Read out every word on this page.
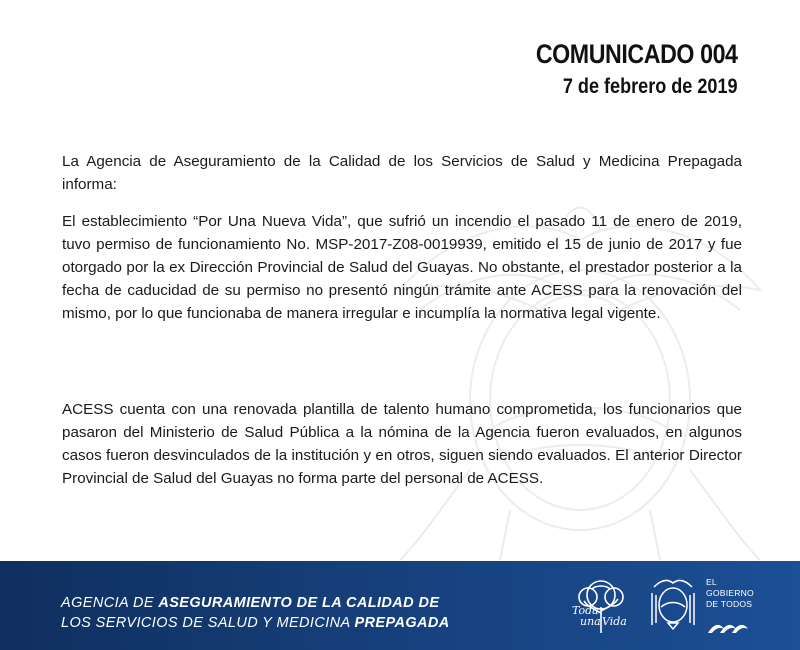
COMUNICADO 004
7 de febrero de 2019

La Agencia de Aseguramiento de la Calidad de los Servicios de Salud y Medicina Prepagada informa:

El establecimiento “Por Una Nueva Vida”, que sufrió un incendio el pasado 11 de enero de 2019, tuvo permiso de funcionamiento No. MSP-2017-Z08-0019939, emitido el 15 de junio de 2017 y fue otorgado por la ex Dirección Provincial de Salud del Guayas. No obstante, el prestador posterior a la fecha de caducidad de su permiso no presentó ningún trámite ante ACESS para la renovación del mismo, por lo que funcionaba de manera irregular e incumplía la normativa legal vigente.

ACESS cuenta con una renovada plantilla de talento humano comprometida, los funcionarios que pasaron del Ministerio de Salud Pública a la nómina de la Agencia fueron evaluados, en algunos casos fueron desvinculados de la institución y en otros, siguen siendo evaluados. El anterior Director Provincial de Salud del Guayas no forma parte del personal de ACESS.

AGENCIA DE ASEGURAMIENTO DE LA CALIDAD DE
LOS SERVICIOS DE SALUD Y MEDICINA PREPAGADA
Toda
una Vida
EL
GOBIERNO
DE TODOS
